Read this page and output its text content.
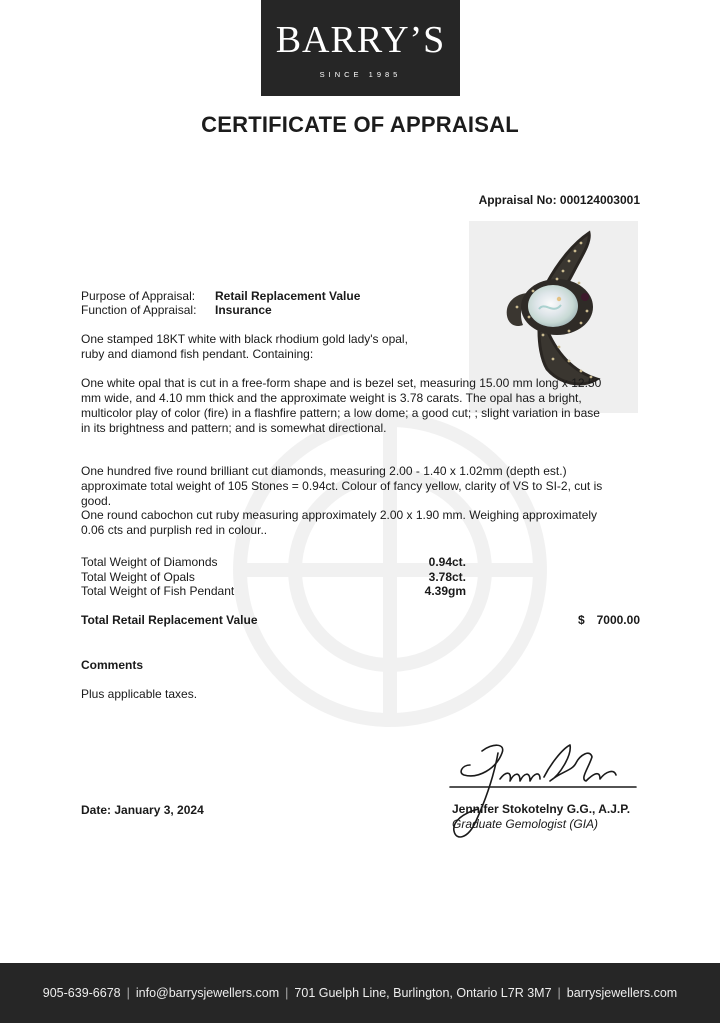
BARRY’S
SINCE 1985
CERTIFICATE OF APPRAISAL
Appraisal No: 000124003001
Purpose of Appraisal: Retail Replacement Value
Function of Appraisal: Insurance

One stamped 18KT white with black rhodium gold lady's opal, ruby and diamond fish pendant. Containing:

One white opal that is cut in a free-form shape and is bezel set, measuring 15.00 mm long x 12.50 mm wide, and 4.10 mm thick and the approximate weight is 3.78 carats. The opal has a bright, multicolor play of color (fire) in a flashfire pattern; a low dome; a good cut; ; slight variation in base in its brightness and pattern; and is somewhat directional.

One hundred five round brilliant cut diamonds, measuring 2.00 - 1.40 x 1.02mm (depth est.) approximate total weight of 105 Stones = 0.94ct. Colour of fancy yellow, clarity of VS to SI-2, cut is good.

One round cabochon cut ruby measuring approximately 2.00 x 1.90 mm. Weighing approximately 0.06 cts and purplish red in colour..

Total Weight of Diamonds	0.94ct.
Total Weight of Opals	3.78ct.
Total Weight of Fish Pendant	4.39gm
Total Retail Replacement Value	$ 7000.00
Comments
Plus applicable taxes.
Date: January 3, 2024	Jennifer Stokotelny G.G., A.J.P.
Graduate Gemologist (GIA)
905-639-6678 | info@barrysjewellers.com | 701 Guelph Line, Burlington, Ontario L7R 3M7 | barrysjewellers.com
